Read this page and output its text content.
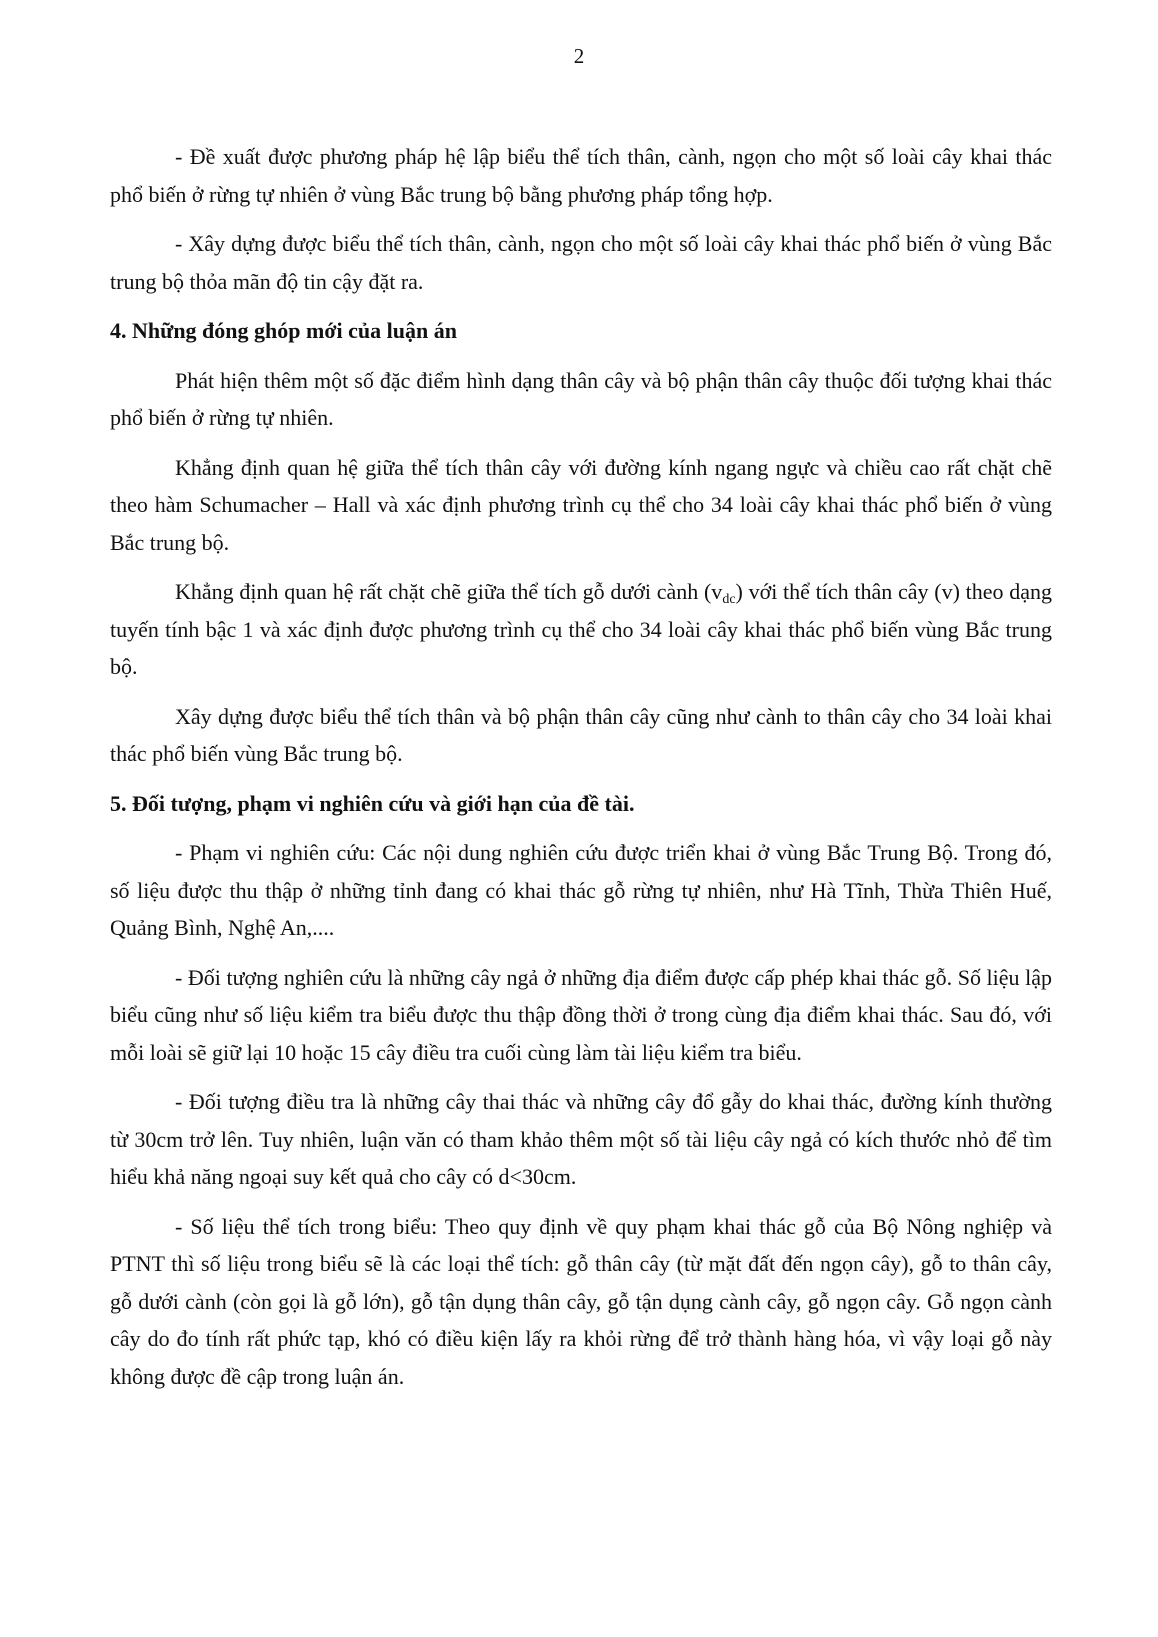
2

- Đề xuất được phương pháp hệ lập biểu thể tích thân, cành, ngọn cho một số loài cây khai thác phổ biến ở rừng tự nhiên ở vùng Bắc trung bộ bằng phương pháp tổng hợp.

- Xây dựng được biểu thể tích thân, cành, ngọn cho một số loài cây khai thác phổ biến ở vùng Bắc trung bộ thỏa mãn độ tin cậy đặt ra.

4. Những đóng ghóp mới của luận án

Phát hiện thêm một số đặc điểm hình dạng thân cây và bộ phận thân cây thuộc đối tượng khai thác phổ biến ở rừng tự nhiên.

Khẳng định quan hệ giữa thể tích thân cây với đường kính ngang ngực và chiều cao rất chặt chẽ theo hàm Schumacher – Hall và xác định phương trình cụ thể cho 34 loài cây khai thác phổ biến ở vùng Bắc trung bộ.

Khẳng định quan hệ rất chặt chẽ giữa thể tích gỗ dưới cành $(v_{dc})$ với thể tích thân cây (v) theo dạng tuyến tính bậc 1 và xác định được phương trình cụ thể cho 34 loài cây khai thác phổ biến vùng Bắc trung bộ.

Xây dựng được biểu thể tích thân và bộ phận thân cây cũng như cành to thân cây cho 34 loài khai thác phổ biến vùng Bắc trung bộ.

5. Đối tượng, phạm vi nghiên cứu và giới hạn của đề tài.

- Phạm vi nghiên cứu: Các nội dung nghiên cứu được triển khai ở vùng Bắc Trung Bộ. Trong đó, số liệu được thu thập ở những tỉnh đang có khai thác gỗ rừng tự nhiên, như Hà Tĩnh, Thừa Thiên Huế, Quảng Bình, Nghệ An,....

- Đối tượng nghiên cứu là những cây ngả ở những địa điểm được cấp phép khai thác gỗ. Số liệu lập biểu cũng như số liệu kiểm tra biểu được thu thập đồng thời ở trong cùng địa điểm khai thác. Sau đó, với mỗi loài sẽ giữ lại 10 hoặc 15 cây điều tra cuối cùng làm tài liệu kiểm tra biểu.

- Đối tượng điều tra là những cây thai thác và những cây đổ gẫy do khai thác, đường kính thường từ 30cm trở lên. Tuy nhiên, luận văn có tham khảo thêm một số tài liệu cây ngả có kích thước nhỏ để tìm hiểu khả năng ngoại suy kết quả cho cây có d<30cm.

- Số liệu thể tích trong biểu: Theo quy định về quy phạm khai thác gỗ của Bộ Nông nghiệp và PTNT thì số liệu trong biểu sẽ là các loại thể tích: gỗ thân cây (từ mặt đất đến ngọn cây), gỗ to thân cây, gỗ dưới cành (còn gọi là gỗ lớn), gỗ tận dụng thân cây, gỗ tận dụng cành cây, gỗ ngọn cây. Gỗ ngọn cành cây do đo tính rất phức tạp, khó có điều kiện lấy ra khỏi rừng để trở thành hàng hóa, vì vậy loại gỗ này không được đề cập trong luận án.
